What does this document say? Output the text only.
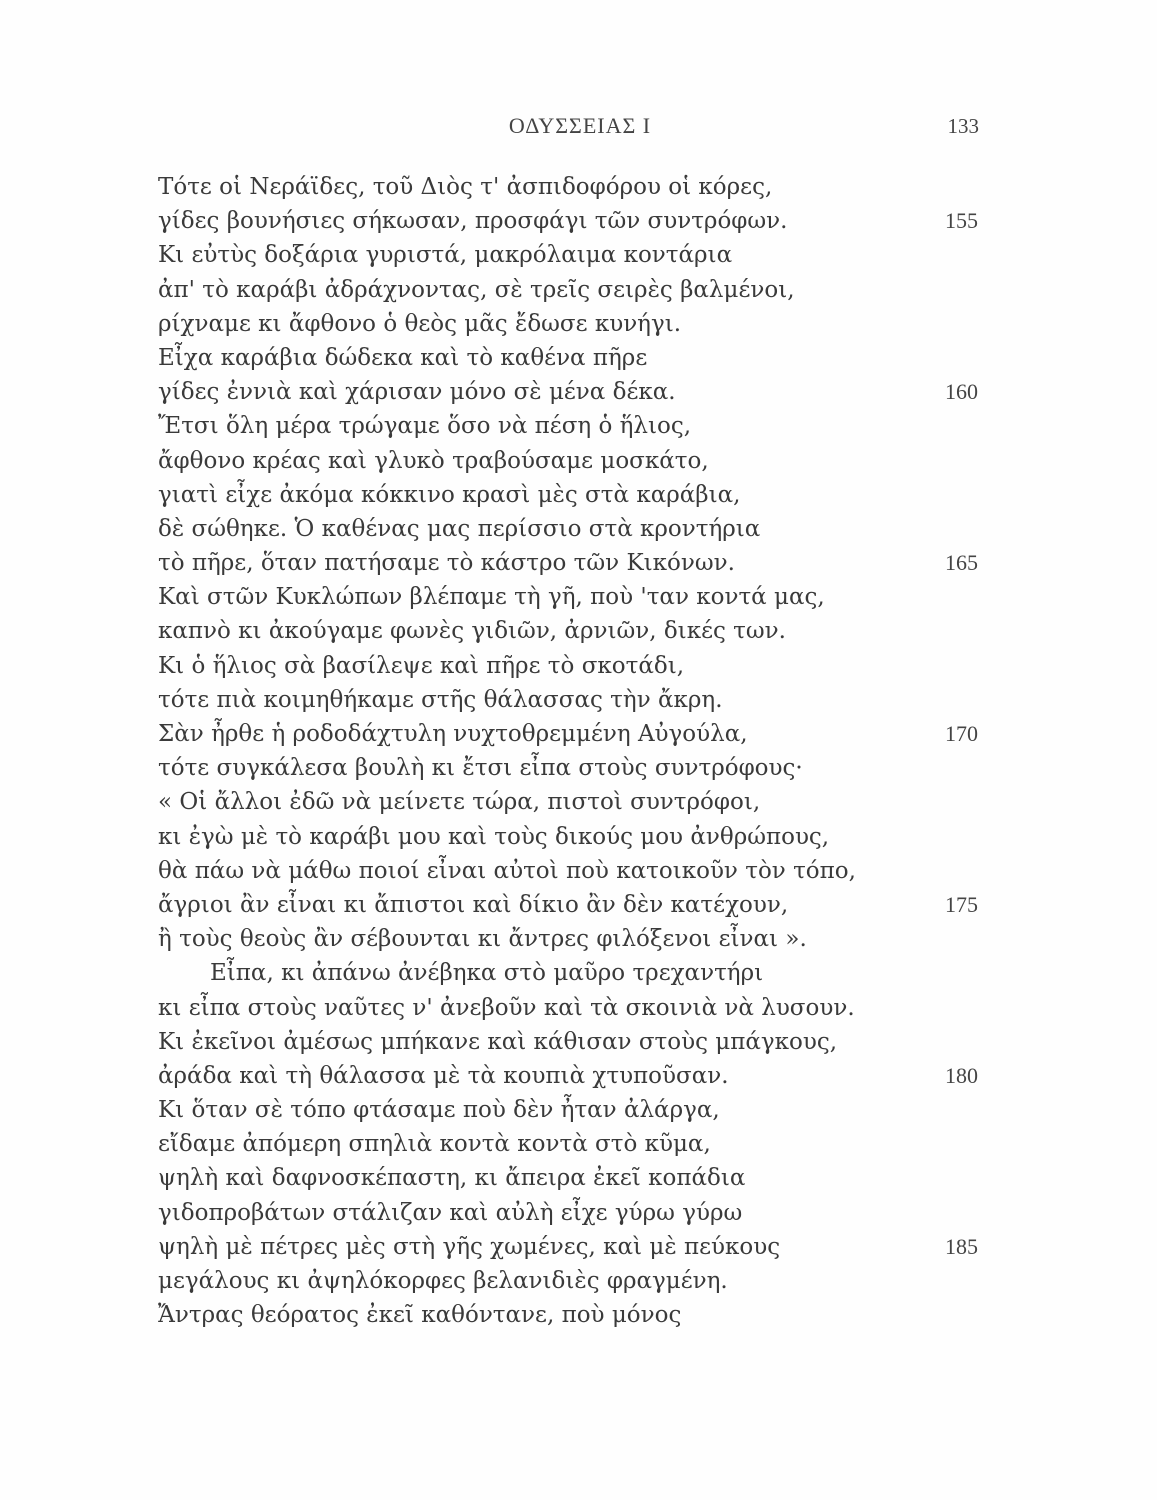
ΟΔΥΣΣΕΙΑΣ Ι	133
Τότε οἱ Νεράϊδες, τοῦ Διὸς τ' ἀσπιδοφόρου οἱ κόρες,
γίδες βουνήσιες σήκωσαν, προσφάγι τῶν συντρόφων.	155
Κι εὐτὺς δοξάρια γυριστά, μακρόλαιμα κοντάρια
ἀπ' τὸ καράβι ἀδράχνοντας, σὲ τρεῖς σειρὲς βαλμένοι,
ρίχναμε κι ἄφθονο ὁ θεὸς μᾶς ἔδωσε κυνήγι.
Εἶχα καράβια δώδεκα καὶ τὸ καθένα πῆρε
γίδες ἐννιὰ καὶ χάρισαν μόνο σὲ μένα δέκα.	160
Ἔτσι ὅλη μέρα τρώγαμε ὅσο νὰ πέση ὁ ἥλιος,
ἄφθονο κρέας καὶ γλυκὸ τραβούσαμε μοσκάτο,
γιατὶ εἶχε ἀκόμα κόκκινο κρασὶ μὲς στὰ καράβια,
δὲ σώθηκε. Ὁ καθένας μας περίσσιο στὰ κροντήρια
τὸ πῆρε, ὅταν πατήσαμε τὸ κάστρο τῶν Κικόνων.	165
Καὶ στῶν Κυκλώπων βλέπαμε τὴ γῆ, ποὺ 'ταν κοντά μας,
καπνὸ κι ἀκούγαμε φωνὲς γιδιῶν, ἀρνιῶν, δικές των.
Κι ὁ ἥλιος σὰ βασίλεψε καὶ πῆρε τὸ σκοτάδι,
τότε πιὰ κοιμηθήκαμε στῆς θάλασσας τὴν ἄκρη.
Σὰν ἦρθε ἡ ροδοδάχτυλη νυχτοθρεμμένη Αὐγούλα,	170
τότε συγκάλεσα βουλὴ κι ἔτσι εἶπα στοὺς συντρόφους·
« Οἱ ἄλλοι ἐδῶ νὰ μείνετε τώρα, πιστοὶ συντρόφοι,
κι ἐγὼ μὲ τὸ καράβι μου καὶ τοὺς δικούς μου ἀνθρώπους,
θὰ πάω νὰ μάθω ποιοί εἶναι αὐτοὶ ποὺ κατοικοῦν τὸν τόπο,
ἄγριοι ἂν εἶναι κι ἄπιστοι καὶ δίκιο ἂν δὲν κατέχουν,	175
ἢ τοὺς θεοὺς ἂν σέβουνται κι ἄντρες φιλόξενοι εἶναι ».
Εἶπα, κι ἀπάνω ἀνέβηκα στὸ μαῦρο τρεχαντήρι
κι εἶπα στοὺς ναῦτες ν' ἀνεβοῦν καὶ τὰ σκοινιὰ νὰ λυσουν.
Κι ἐκεῖνοι ἀμέσως μπήκανε καὶ κάθισαν στοὺς μπάγκους,
ἀράδα καὶ τὴ θάλασσα μὲ τὰ κουπιὰ χτυποῦσαν.	180
Κι ὅταν σὲ τόπο φτάσαμε ποὺ δὲν ἦταν ἀλάργα,
εἴδαμε ἀπόμερη σπηλιὰ κοντὰ κοντὰ στὸ κῦμα,
ψηλὴ καὶ δαφνοσκέπαστη, κι ἄπειρα ἐκεῖ κοπάδια
γιδοπροβάτων στάλιζαν καὶ αὐλὴ εἶχε γύρω γύρω
ψηλὴ μὲ πέτρες μὲς στὴ γῆς χωμένες, καὶ μὲ πεύκους	185
μεγάλους κι ἀψηλόκορφες βελανιδιὲς φραγμένη.
Ἄντρας θεόρατος ἐκεῖ καθόντανε, ποὺ μόνος
